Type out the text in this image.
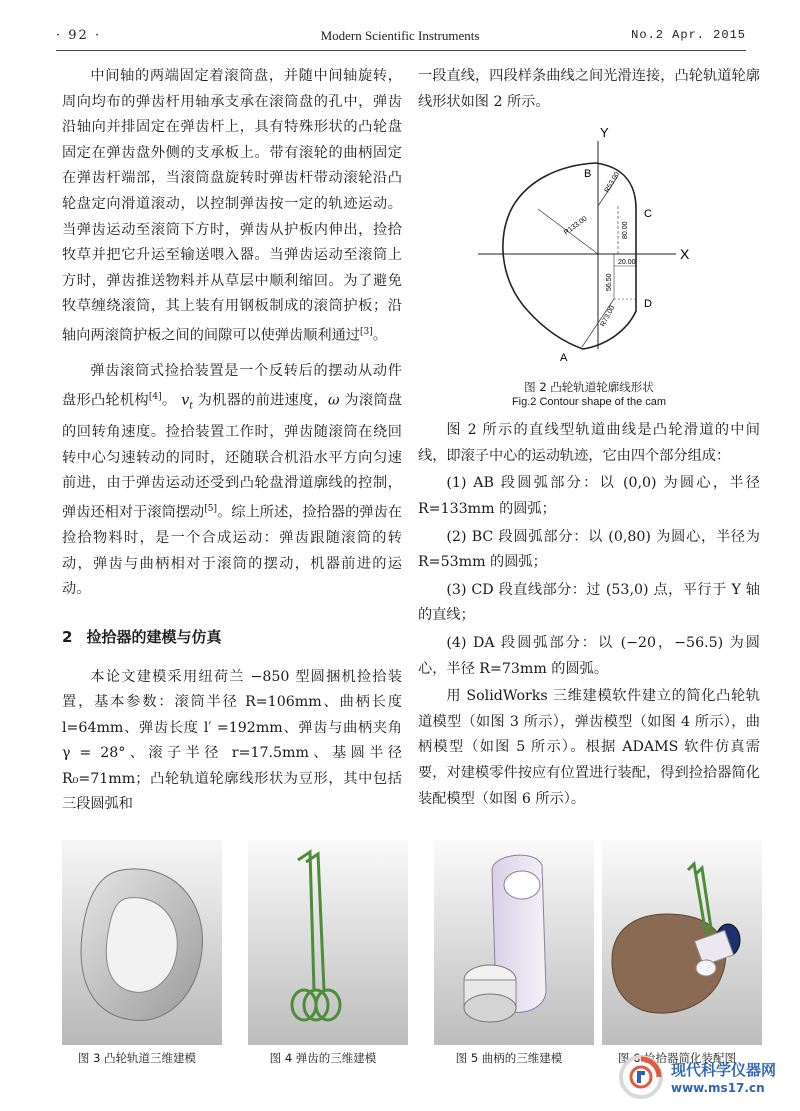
· 92 ·	Modern Scientific Instruments	No.2 Apr. 2015

中间轴的两端固定着滚筒盘，并随中间轴旋转，周向均布的弹齿杆用轴承支承在滚筒盘的孔中，弹齿沿轴向并排固定在弹齿杆上，具有特殊形状的凸轮盘固定在弹齿盘外侧的支承板上。带有滚轮的曲柄固定在弹齿杆端部，当滚筒盘旋转时弹齿杆带动滚轮沿凸轮盘定向滑道滚动，以控制弹齿按一定的轨迹运动。当弹齿运动至滚筒下方时，弹齿从护板内伸出，捡拾牧草并把它升运至输送喂入器。当弹齿运动至滚筒上方时，弹齿推送物料并从草层中顺利缩回。为了避免牧草缠绕滚筒，其上装有用钢板制成的滚筒护板；沿轴向两滚筒护板之间的间隙可以使弹齿顺利通过[3]。

弹齿滚筒式捡拾装置是一个反转后的摆动从动件盘形凸轮机构[4]。 $v_t$ 为机器的前进速度，ω 为滚筒盘的回转角速度。捡拾装置工作时，弹齿随滚筒在绕回转中心匀速转动的同时，还随联合机沿水平方向匀速前进，由于弹齿运动还受到凸轮盘滑道廓线的控制，弹齿还相对于滚筒摆动[5]。综上所述，捡拾器的弹齿在捡拾物料时，是一个合成运动：弹齿跟随滚筒的转动，弹齿与曲柄相对于滚筒的摆动，机器前进的运动。

2 捡拾器的建模与仿真

本论文建模采用纽荷兰 −850 型圆捆机捡拾装置，基本参数：滚筒半径 R=106mm、曲柄长度 l=64mm、弹齿长度 l′ =192mm、弹齿与曲柄夹角 γ = 28°、滚子半径 r=17.5mm、基圆半径 R₀=71mm；凸轮轨道轮廓线形状为豆形，其中包括三段圆弧和

一段直线，四段样条曲线之间光滑连接，凸轮轨道轮廓线形状如图 2 所示。

Y
X
R133.00
R53.00
80.00
20.00
56.50
R73.00
B
C
D
A
图 2 凸轮轨道轮廓线形状
Fig.2 Contour shape of the cam

图 2 所示的直线型轨道曲线是凸轮滑道的中间线，即滚子中心的运动轨迹，它由四个部分组成：

(1) AB 段圆弧部分：以 (0,0) 为圆心，半径 R=133mm 的圆弧；

(2) BC 段圆弧部分：以 (0,80) 为圆心，半径为 R=53mm 的圆弧；

(3) CD 段直线部分：过 (53,0) 点，平行于 Y 轴的直线；

(4) DA 段圆弧部分：以 (−20，−56.5) 为圆心，半径 R=73mm 的圆弧。

用 SolidWorks 三维建模软件建立的简化凸轮轨道模型（如图 3 所示），弹齿模型（如图 4 所示），曲柄模型（如图 5 所示）。根据 ADAMS 软件仿真需要，对建模零件按应有位置进行装配，得到捡拾器简化装配模型（如图 6 所示）。

图 3 凸轮轨道三维建模	图 4 弹齿的三维建模	图 5 曲柄的三维建模	图 6 捡拾器简化装配图
现代科学仪器网
www.ms17.cn
